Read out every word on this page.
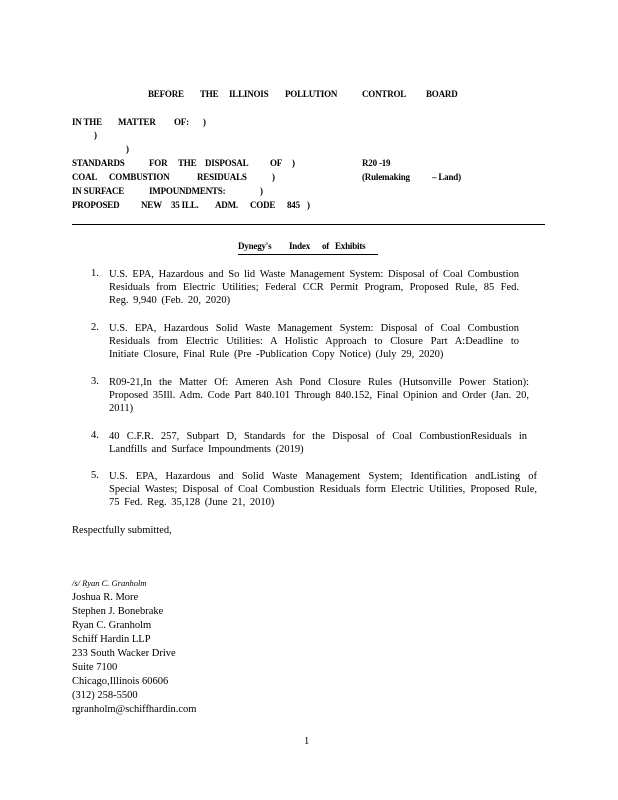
BEFORE THE ILLINOIS POLLUTION	CONTROL BOARD
IN THE MATTER OF: )
)
)
STANDARDS	FOR THE DISPOSAL OF )	R20 -19
COAL COMBUSTION	RESIDUALS	)	(Rulemaking – Land)
IN SURFACE	IMPOUNDMENTS:	)
PROPOSED NEW 35 ILL. ADM. CODE 845 )
Dynegy's Index of Exhibits
1. U.S. EPA, Hazardous and So lid Waste Management System: Disposal of Coal Combustion Residuals from Electric Utilities; Federal CCR Permit Program, Proposed Rule, 85 Fed. Reg. 9,940 (Feb. 20, 2020)
2. U.S. EPA, Hazardous Solid Waste Management System: Disposal of Coal Combustion Residuals from Electric Utilities: A Holistic Approach to Closure Part A:Deadline to Initiate Closure, Final Rule (Pre -Publication Copy Notice) (July 29, 2020)
3. R09-21,In the Matter Of: Ameren Ash Pond Closure Rules (Hutsonville Power Station): Proposed 35Ill. Adm. Code Part 840.101 Through 840.152, Final Opinion and Order (Jan. 20, 2011)
4. 40 C.F.R. 257, Subpart D, Standards for the Disposal of Coal CombustionResiduals in Landfills and Surface Impoundments (2019)
5. U.S. EPA, Hazardous and Solid Waste Management System; Identification andListing of Special Wastes; Disposal of Coal Combustion Residuals form Electric Utilities, Proposed Rule, 75 Fed. Reg. 35,128 (June 21, 2010)
Respectfully submitted,
/s/ Ryan C. Granholm
Joshua R. More
Stephen J. Bonebrake
Ryan C. Granholm
Schiff Hardin LLP
233 South Wacker Drive
Suite 7100
Chicago,Illinois 60606
(312) 258-5500
rgranholm@schiffhardin.com
1
